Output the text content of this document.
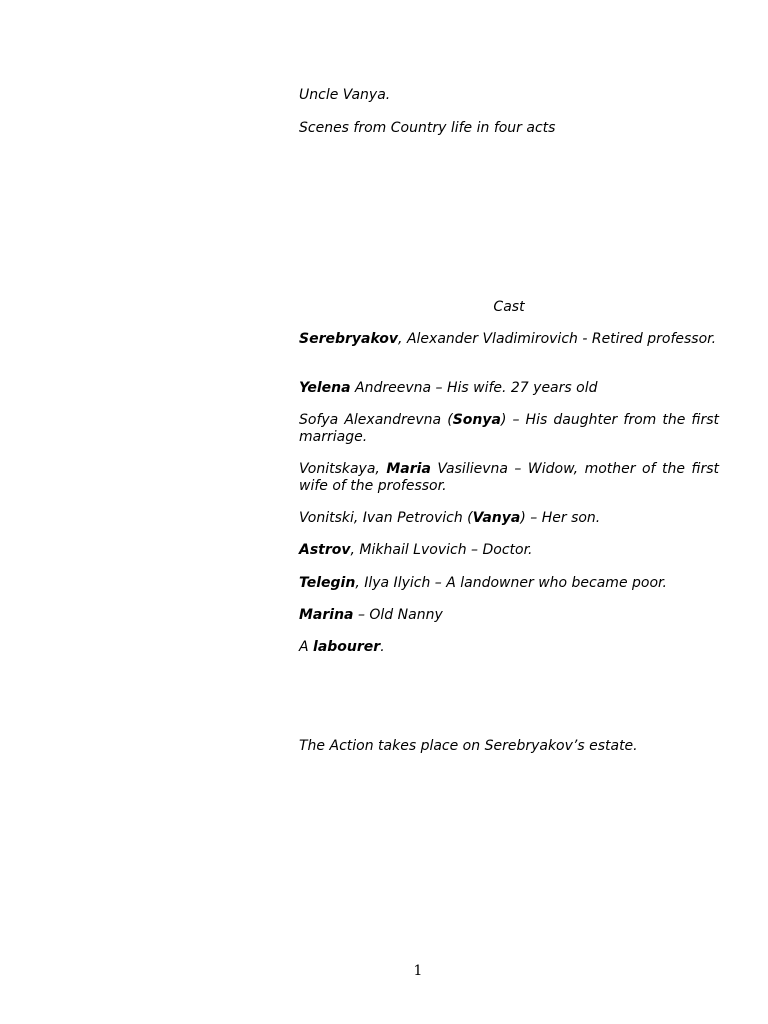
Uncle Vanya.

Scenes from Country life in four acts

Cast

Serebryakov, Alexander Vladimirovich - Retired professor.

Yelena Andreevna – His wife. 27 years old

Sofya Alexandrevna (Sonya) – His daughter from the first marriage.

Vonitskaya, Maria Vasilievna – Widow, mother of the first wife of the professor.

Vonitski, Ivan Petrovich (Vanya) – Her son.

Astrov, Mikhail Lvovich – Doctor.

Telegin, Ilya Ilyich – A landowner who became poor.

Marina – Old Nanny

A labourer.

The Action takes place on Serebryakov’s estate.

1
